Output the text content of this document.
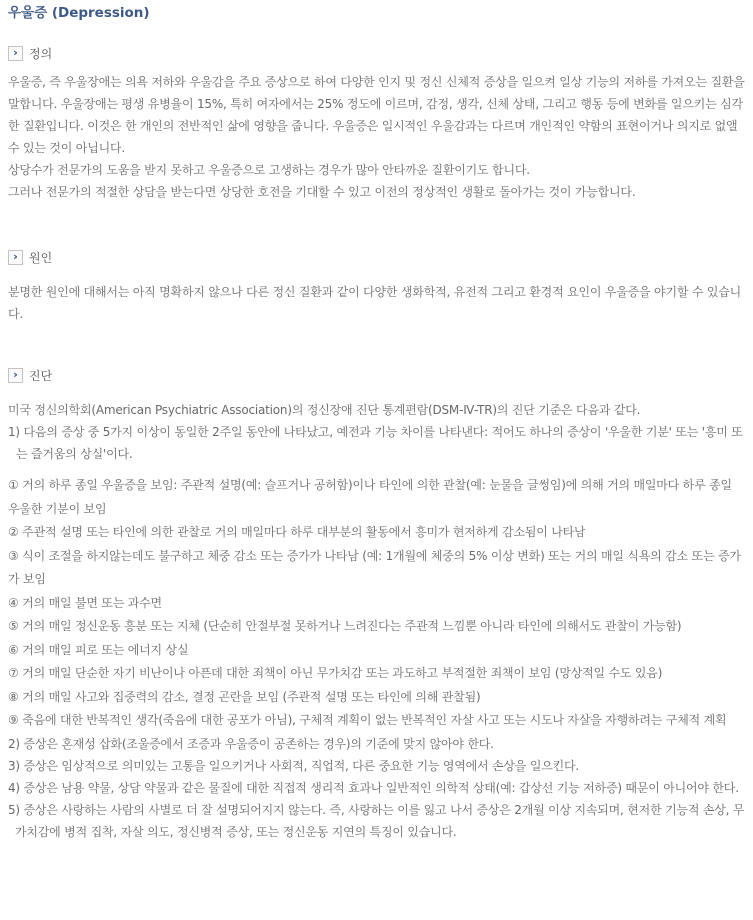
우울증 (Depression)
› 정의

우울증, 즉 우울장애는 의욕 저하와 우울감을 주요 증상으로 하여 다양한 인지 및 정신 신체적 증상을 일으켜 일상 기능의 저하를 가져오는 질환을 말합니다. 우울장애는 평생 유병율이 15%, 특히 여자에서는 25% 정도에 이르며, 감정, 생각, 신체 상태, 그리고 행동 등에 변화를 일으키는 심각한 질환입니다. 이것은 한 개인의 전반적인 삶에 영향을 줍니다. 우울증은 일시적인 우울감과는 다르며 개인적인 약함의 표현이거나 의지로 없앨 수 있는 것이 아닙니다.

상당수가 전문가의 도움을 받지 못하고 우울증으로 고생하는 경우가 많아 안타까운 질환이기도 합니다.

그러나 전문가의 적절한 상담을 받는다면 상당한 호전을 기대할 수 있고 이전의 정상적인 생활로 돌아가는 것이 가능합니다.

› 원인

분명한 원인에 대해서는 아직 명확하지 않으나 다른 정신 질환과 같이 다양한 생화학적, 유전적 그리고 환경적 요인이 우울증을 야기할 수 있습니다.

› 진단

미국 정신의학회(American Psychiatric Association)의 정신장애 진단 통계편람(DSM-Ⅳ-TR)의 진단 기준은 다음과 같다.

1) 다음의 증상 중 5가지 이상이 동일한 2주일 동안에 나타났고, 예전과 기능 차이를 나타낸다: 적어도 하나의 증상이 '우울한 기분' 또는 '흥미 또는 즐거움의 상실'이다.

① 거의 하루 종일 우울증을 보임: 주관적 설명(예: 슬프거나 공허함)이나 타인에 의한 관찰(예: 눈물을 글썽임)에 의해 거의 매일마다 하루 종일 우울한 기분이 보임

② 주관적 설명 또는 타인에 의한 관찰로 거의 매일마다 하루 대부분의 활동에서 흥미가 현저하게 감소됨이 나타남

③ 식이 조절을 하지않는데도 불구하고 체중 감소 또는 증가가 나타남 (예: 1개월에 체중의 5% 이상 변화) 또는 거의 매일 식욕의 감소 또는 증가가 보임

④ 거의 매일 불면 또는 과수면

⑤ 거의 매일 정신운동 흥분 또는 지체 (단순히 안절부절 못하거나 느려진다는 주관적 느낌뿐 아니라 타인에 의해서도 관찰이 가능함)

⑥ 거의 매일 피로 또는 에너지 상실

⑦ 거의 매일 단순한 자기 비난이나 아픈데 대한 죄책이 아닌 무가치감 또는 과도하고 부적절한 죄책이 보임 (망상적일 수도 있음)

⑧ 거의 매일 사고와 집중력의 감소, 결정 곤란을 보임 (주관적 설명 또는 타인에 의해 관찰됨)

⑨ 죽음에 대한 반복적인 생각(죽음에 대한 공포가 아님), 구체적 계획이 없는 반복적인 자살 사고 또는 시도나 자살을 자행하려는 구체적 계획

2) 증상은 혼재성 삽화(조울증에서 조증과 우울증이 공존하는 경우)의 기준에 맞지 않아야 한다.

3) 증상은 임상적으로 의미있는 고통을 일으키거나 사회적, 직업적, 다른 중요한 기능 영역에서 손상을 일으킨다.

4) 증상은 남용 약물, 상담 약물과 같은 물질에 대한 직접적 생리적 효과나 일반적인 의학적 상태(예: 갑상선 기능 저하증) 때문이 아니어야 한다.

5) 증상은 사랑하는 사람의 사별로 더 잘 설명되어지지 않는다. 즉, 사랑하는 이를 잃고 나서 증상은 2개월 이상 지속되며, 현저한 기능적 손상, 무가치감에 병적 집착, 자살 의도, 정신병적 증상, 또는 정신운동 지연의 특징이 있습니다.
